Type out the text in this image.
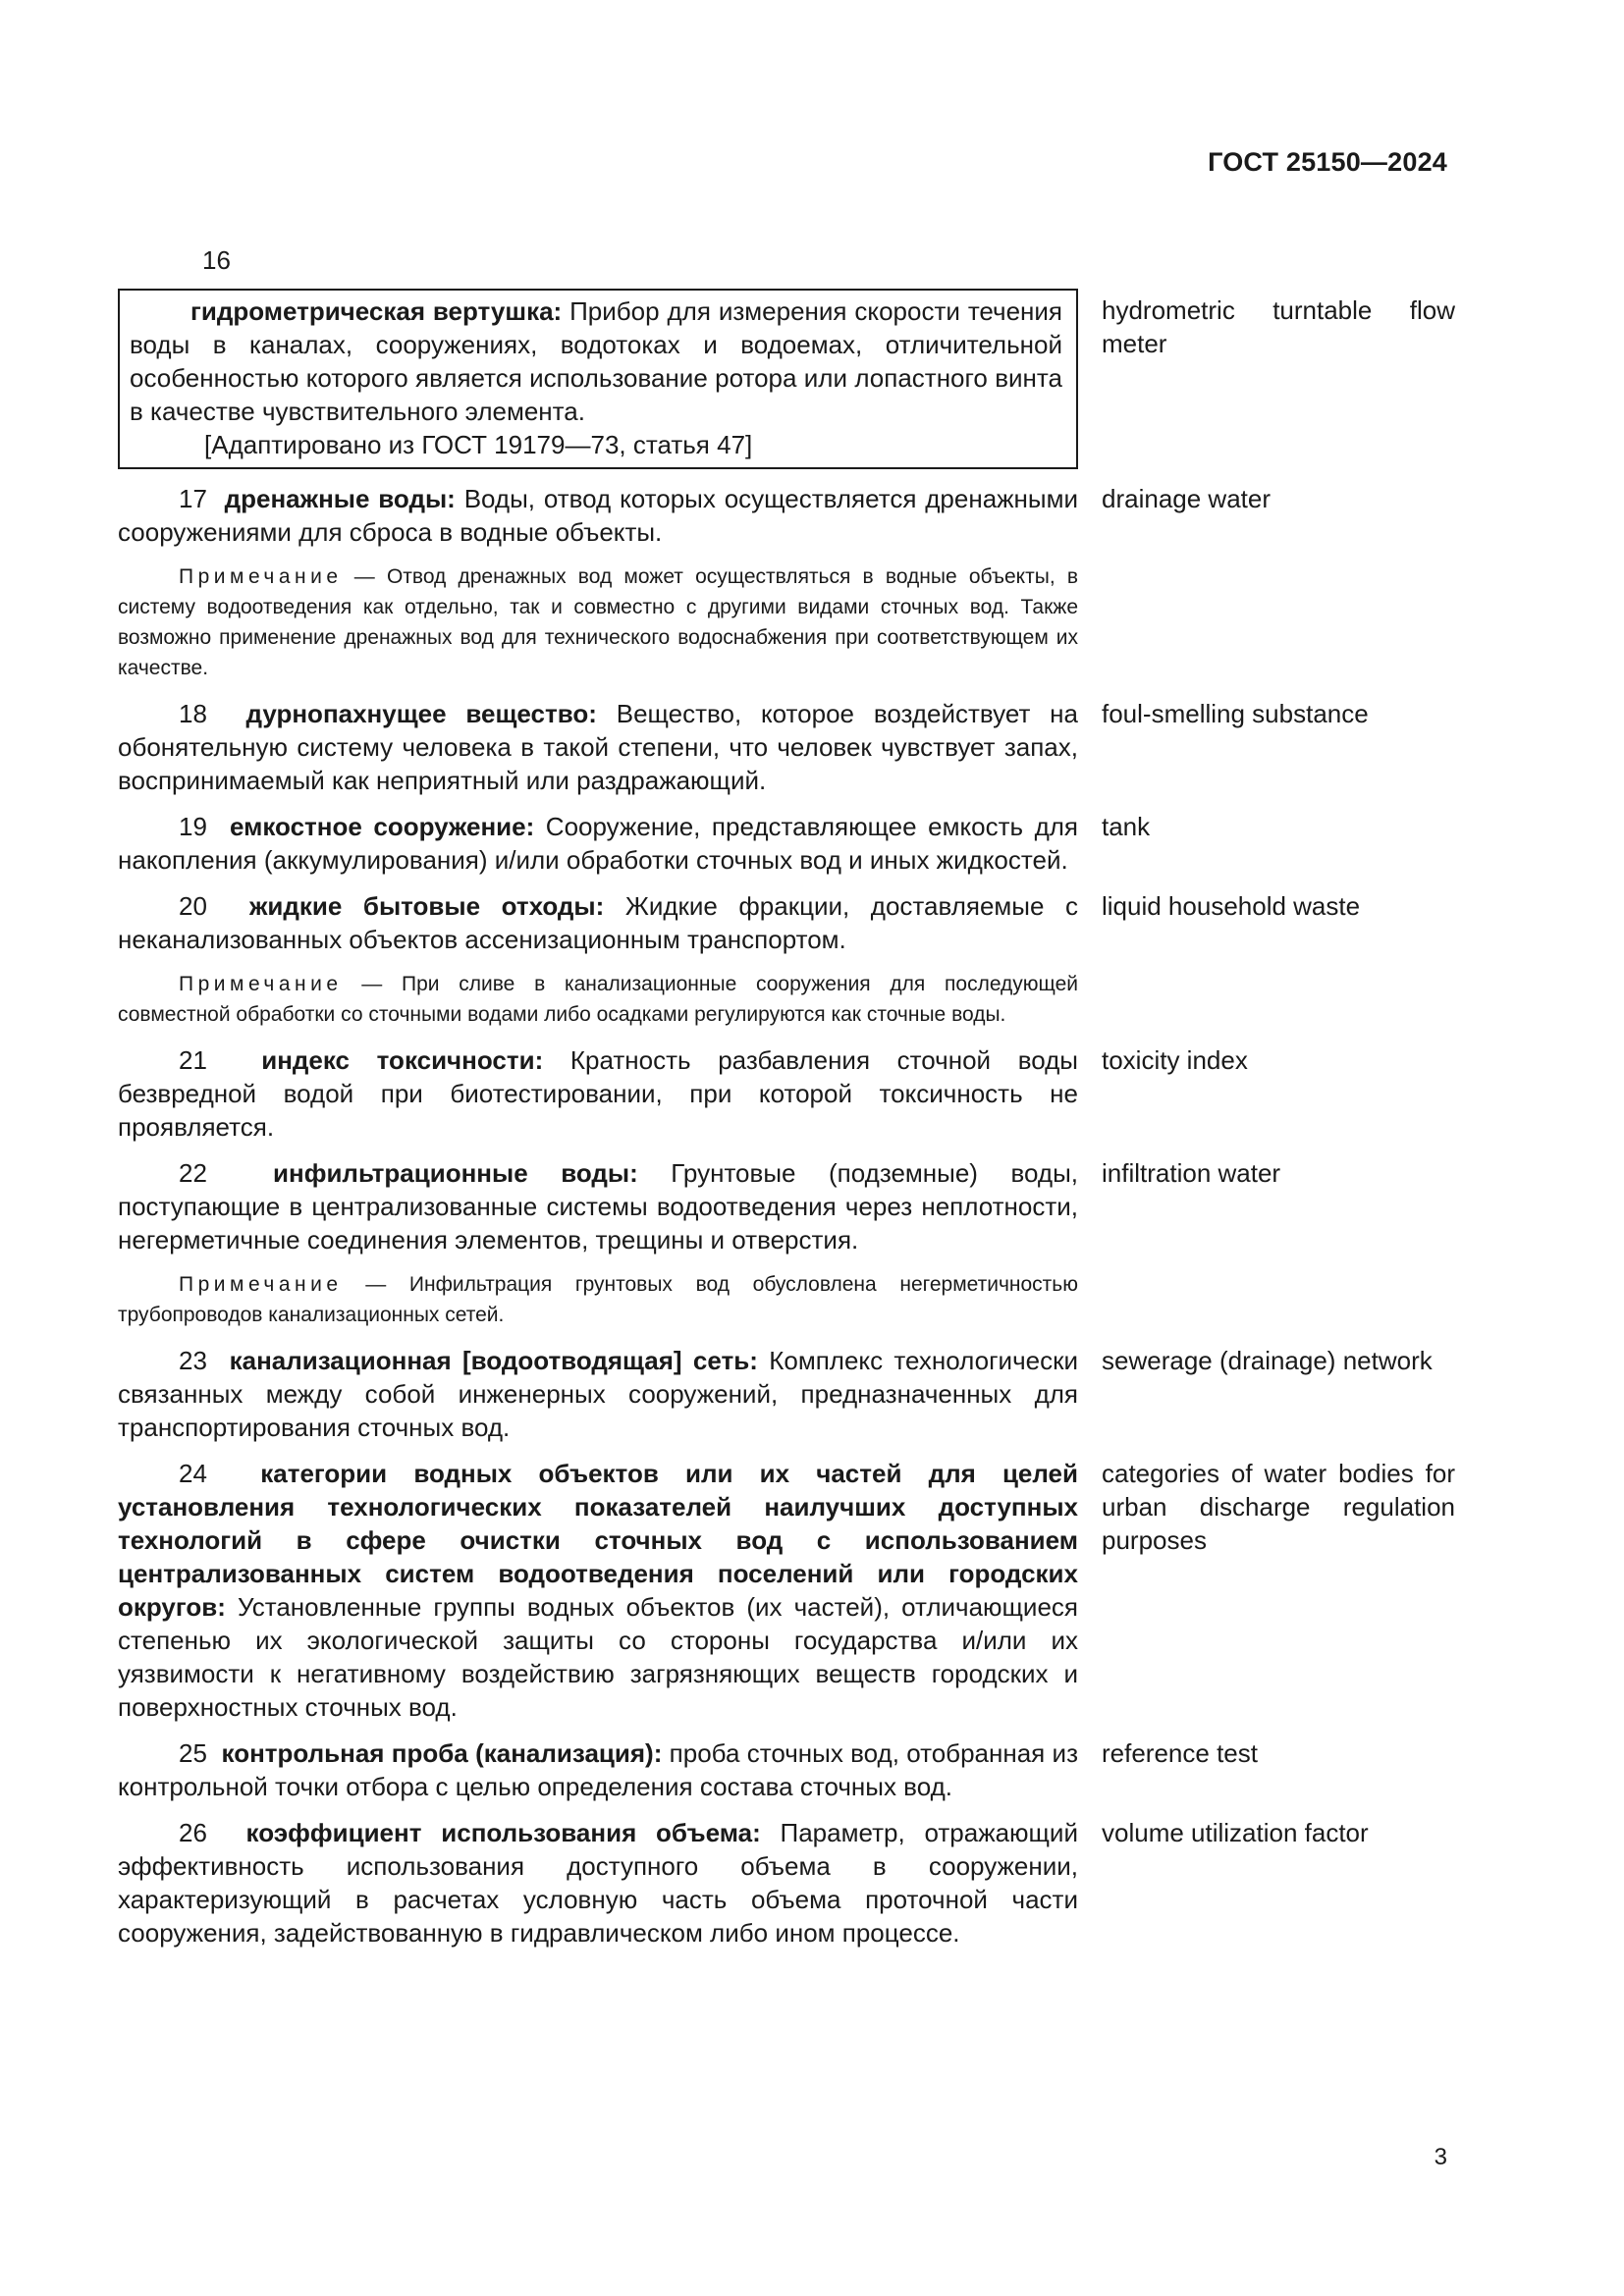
ГОСТ 25150—2024
16
гидрометрическая вертушка: Прибор для измерения скорости течения воды в каналах, сооружениях, водотоках и водоемах, отличительной особенностью которого является использование ротора или лопастного винта в качестве чувствительного элемента.
[Адаптировано из ГОСТ 19179—73, статья 47]
hydrometric turntable flow meter
17 дренажные воды: Воды, отвод которых осуществляется дренажными сооружениями для сброса в водные объекты.
drainage water
Примечание — Отвод дренажных вод может осуществляться в водные объекты, в систему водоотведения как отдельно, так и совместно с другими видами сточных вод. Также возможно применение дренажных вод для технического водоснабжения при соответствующем их качестве.
18 дурнопахнущее вещество: Вещество, которое воздействует на обонятельную систему человека в такой степени, что человек чувствует запах, воспринимаемый как неприятный или раздражающий.
foul-smelling substance
19 емкостное сооружение: Сооружение, представляющее емкость для накопления (аккумулирования) и/или обработки сточных вод и иных жидкостей.
tank
20 жидкие бытовые отходы: Жидкие фракции, доставляемые с неканализованных объектов ассенизационным транспортом.
liquid household waste
Примечание — При сливе в канализационные сооружения для последующей совместной обработки со сточными водами либо осадками регулируются как сточные воды.
21 индекс токсичности: Кратность разбавления сточной воды безвредной водой при биотестировании, при которой токсичность не проявляется.
toxicity index
22	инфильтрационные воды: Грунтовые (подземные) воды, поступающие в централизованные системы водоотведения через неплотности, негерметичные соединения элементов, трещины и отверстия.
infiltration water
Примечание — Инфильтрация грунтовых вод обусловлена негерметичностью трубопроводов канализационных сетей.
23 канализационная [водоотводящая] сеть: Комплекс технологически связанных между собой инженерных сооружений, предназначенных для транспортирования сточных вод.
sewerage (drainage) network
24 категории водных объектов или их частей для целей установления технологических показателей наилучших доступных технологий в сфере очистки сточных вод с использованием централизованных систем водоотведения поселений или городских округов: Установленные группы водных объектов (их частей), отличающиеся степенью их экологической защиты со стороны государства и/или их уязвимости к негативному воздействию загрязняющих веществ городских и поверхностных сточных вод.
categories of water bodies for urban discharge regulation purposes
25 контрольная проба (канализация): проба сточных вод, отобранная из контрольной точки отбора с целью определения состава сточных вод.
reference test
26 коэффициент использования объема: Параметр, отражающий эффективность использования доступного объема в сооружении, характеризующий в расчетах условную часть объема проточной части сооружения, задействованную в гидравлическом либо ином процессе.
volume utilization factor
3
